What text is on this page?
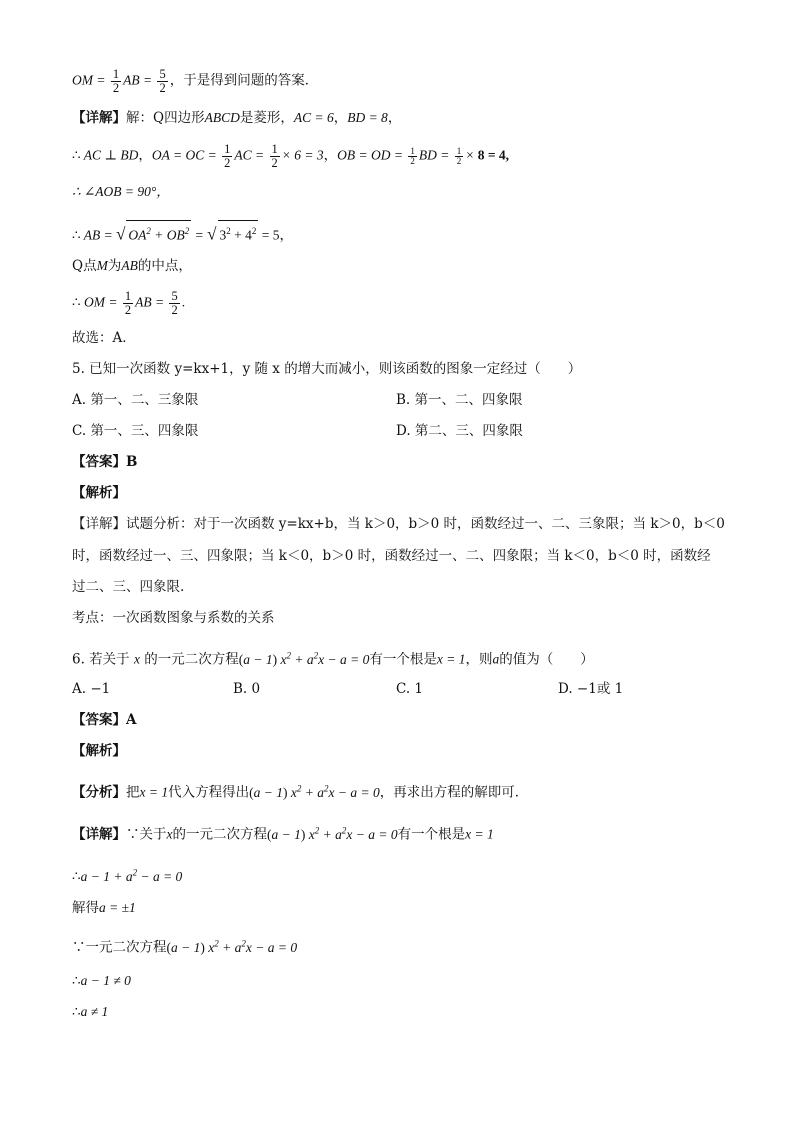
OM = $\frac{1}{2}$ AB = $\frac{5}{2}$ ，于是得到问题的答案．
【详解】解：Q四边形ABCD是菱形，AC = 6，BD = 8，
∴ AC ⊥ BD，OA = OC = $\frac{1}{2}$ AC = $\frac{1}{2} \times 6 = 3$，OB = OD = $\frac{1}{2}$ BD = $\frac{1}{2} \times 8 = 4$,
∴ ∠AOB = 90°，
∴ AB = √ $OA^2 + OB^2$ = √ $3^2 + 4^2 = 5$，
Q点M为AB的中点，
∴ OM = $\frac{1}{2}$ AB = $\frac{5}{2}$ .
故选：A．
5. 已知一次函数 y=kx+1，y 随 x 的增大而减小，则该函数的图象一定经过（　　）
A. 第一、二、三象限	B. 第一、二、四象限
C. 第一、三、四象限	D. 第二、三、四象限
【答案】B
【解析】
【详解】试题分析：对于一次函数 y=kx+b，当 k＞0，b＞0 时，函数经过一、二、三象限；当 k＞0，b＜0
时，函数经过一、三、四象限；当 k＜0，b＞0 时，函数经过一、二、四象限；当 k＜0，b＜0 时，函数经
过二、三、四象限.
考点：一次函数图象与系数的关系
6. 若关于 x 的一元二次方程(a − 1) $x^2 + a^2x - a = 0$有一个根是x = 1，则a的值为（　　）
A. −1	B. 0	C. 1	D. −1或 1
【答案】A
【解析】
【分析】把x = 1代入方程得出(a − 1) $x^2 + a^2x - a = 0$，再求出方程的解即可．
【详解】∵关于x的一元二次方程(a − 1) $x^2 + a^2x - a = 0$有一个根是x = 1
∴a − $1 + a^2 - a = 0$
解得a = ±1
∵一元二次方程(a − 1) $x^2 + a^2x - a = 0$
∴a − 1 ≠ 0
∴a ≠ 1
